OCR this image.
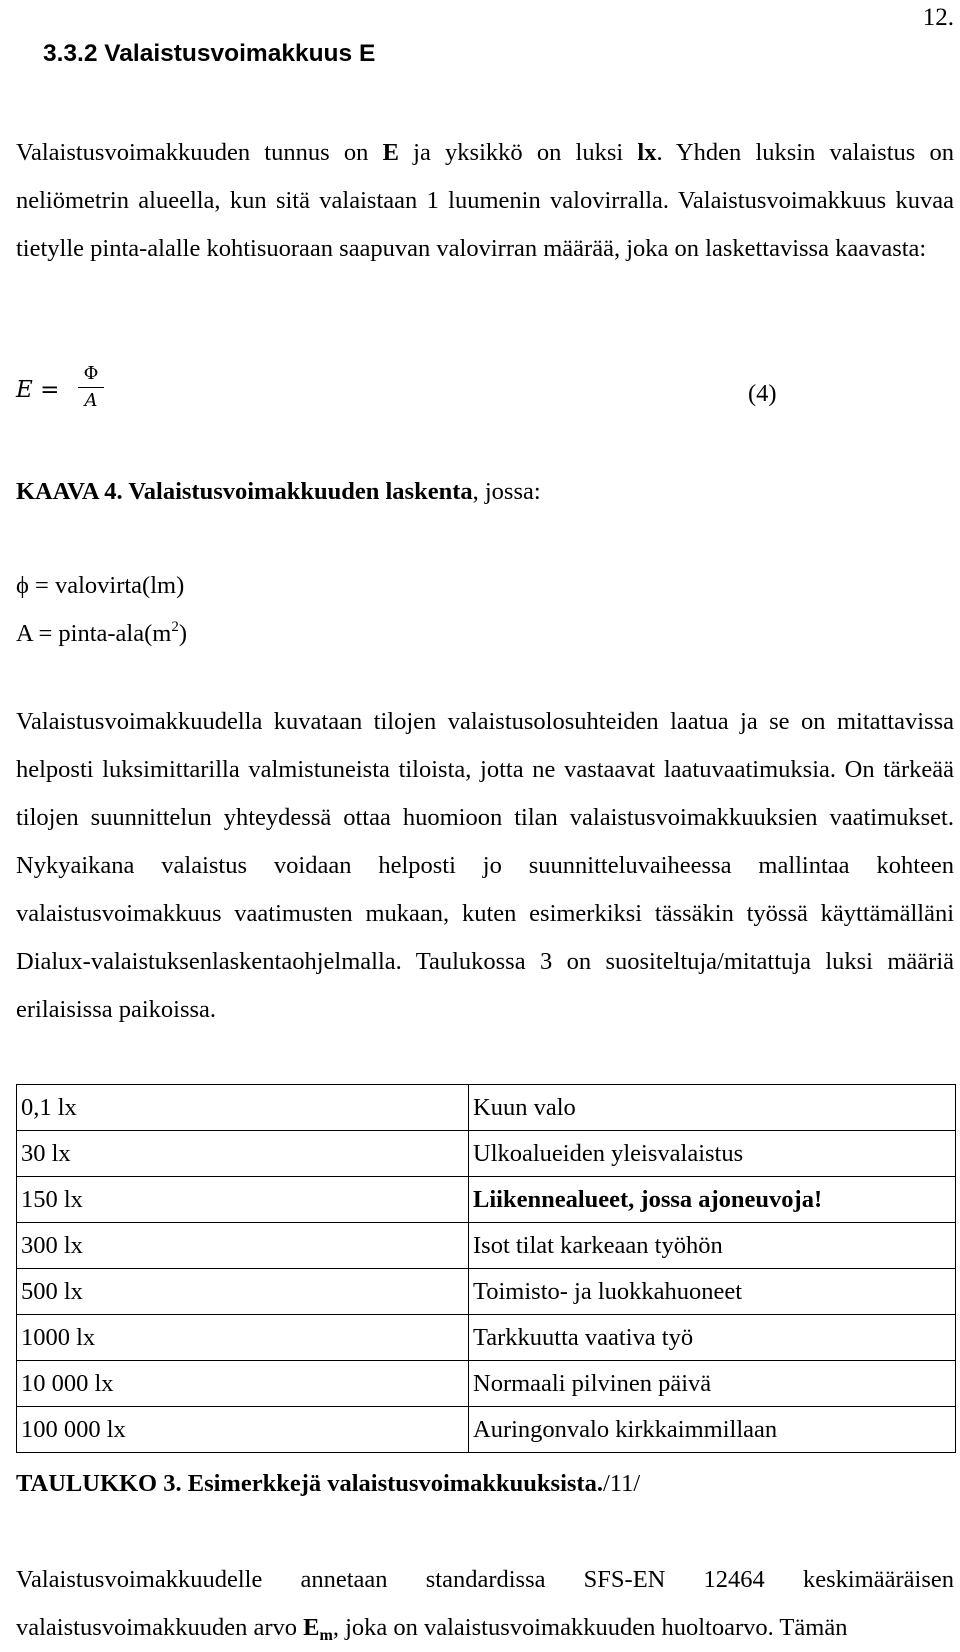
12.
3.3.2 Valaistusvoimakkuus E
Valaistusvoimakkuuden tunnus on E ja yksikkö on luksi lx. Yhden luksin valaistus on neliömetrin alueella, kun sitä valaistaan 1 luumenin valovirralla. Valaistusvoimakkuus kuvaa tietylle pinta-alalle kohtisuoraan saapuvan valovirran määrää, joka on laskettavissa kaavasta:
E =
Φ
A	(4)
KAAVA 4. Valaistusvoimakkuuden laskenta, jossa:
ϕ = valovirta(lm)
A = pinta-$ala(m^2)$
Valaistusvoimakkuudella kuvataan tilojen valaistusolosuhteiden laatua ja se on mitattavissa helposti luksimittarilla valmistuneista tiloista, jotta ne vastaavat laatuvaatimuksia. On tärkeää tilojen suunnittelun yhteydessä ottaa huomioon tilan valaistusvoimakkuuksien vaatimukset. Nykyaikana valaistus voidaan helposti jo suunnitteluvaiheessa mallintaa kohteen valaistusvoimakkuus vaatimusten mukaan, kuten esimerkiksi tässäkin työssä käyttämälläni Dialux-valaistuksenlaskentaohjelmalla. Taulukossa 3 on suositeltuja/mitattuja luksi määriä erilaisissa paikoissa.
0,1 lx	Kuun valo
30 lx	Ulkoalueiden yleisvalaistus
150 lx	Liikennealueet, jossa ajoneuvoja!
300 lx	Isot tilat karkeaan työhön
500 lx	Toimisto- ja luokkahuoneet
1000 lx	Tarkkuutta vaativa työ
10 000 lx	Normaali pilvinen päivä
100 000 lx	Auringonvalo kirkkaimmillaan
TAULUKKO 3. Esimerkkejä valaistusvoimakkuuksista./11/
Valaistusvoimakkuudelle annetaan standardissa SFS-EN 12464 keskimääräisen valaistusvoimakkuuden arvo $E_m$, joka on valaistusvoimakkuuden huoltoarvo. Tämän
